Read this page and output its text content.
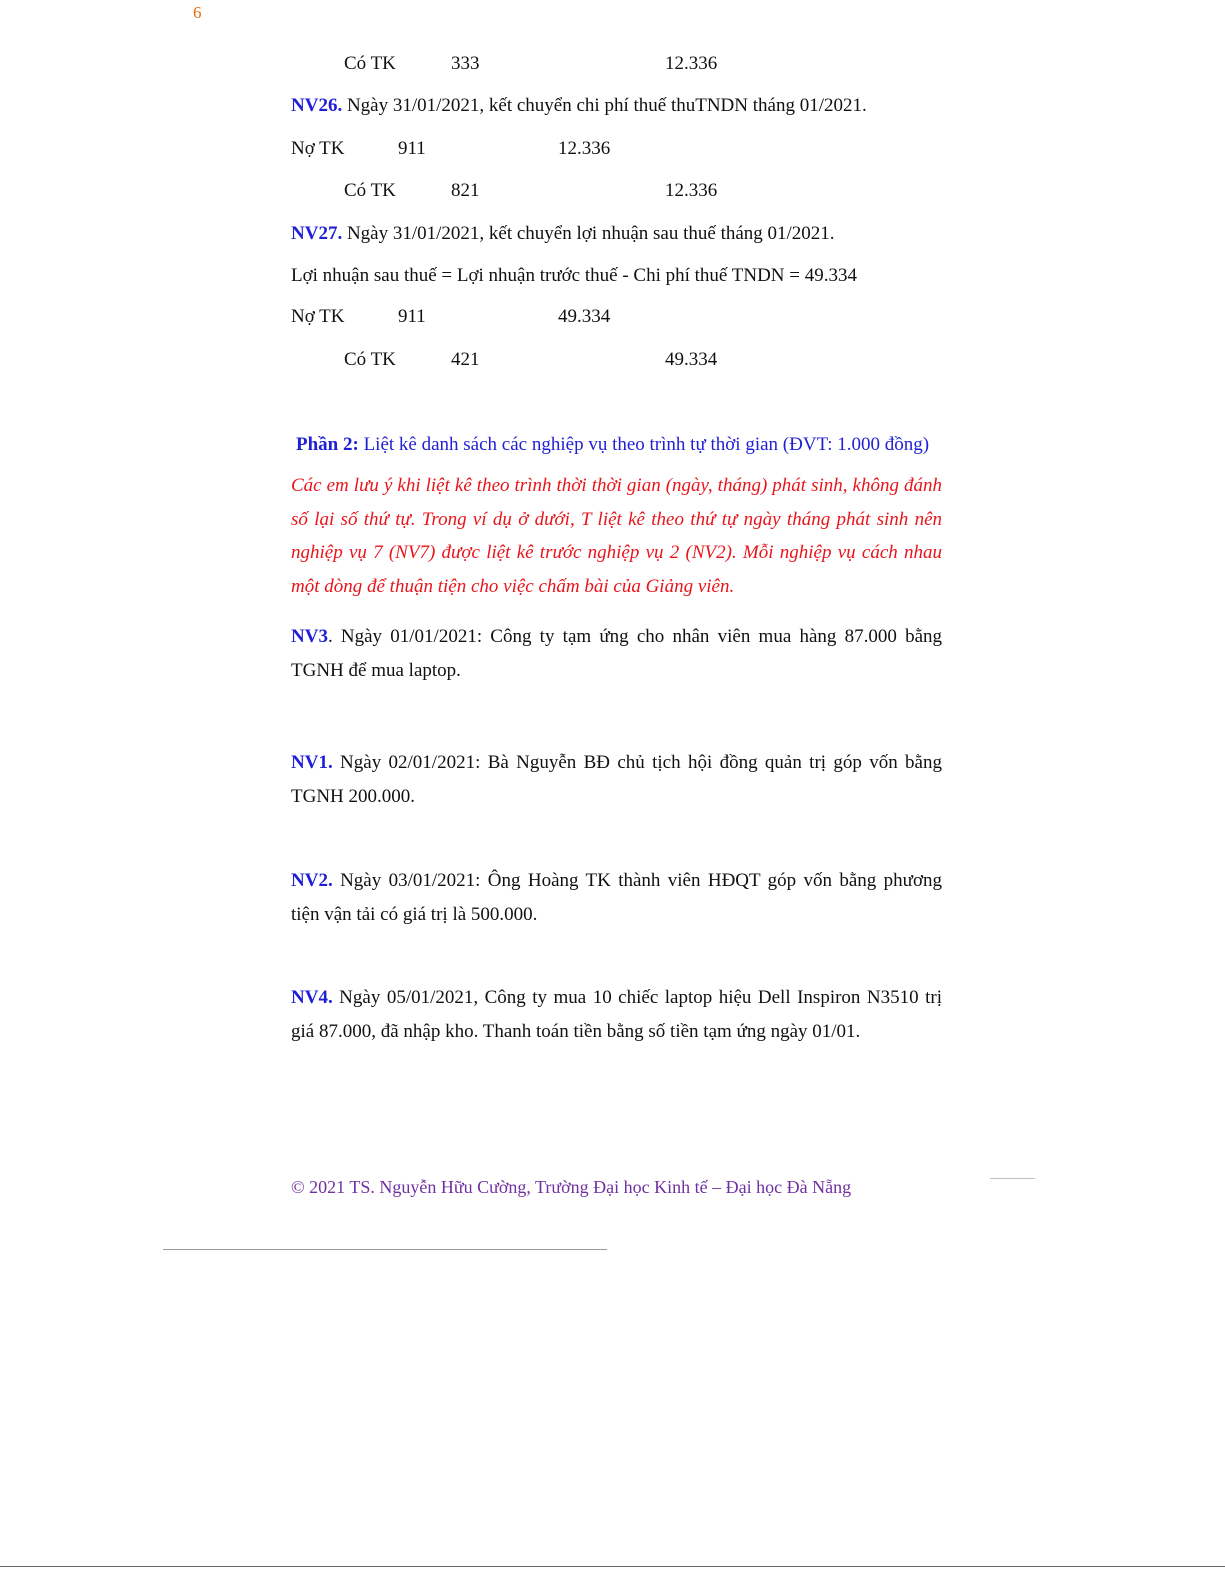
6
Có TK	333	12.336
NV26. Ngày 31/01/2021, kết chuyển chi phí thuế thuTNDN tháng 01/2021.
Nợ TK	911	12.336
Có TK	821	12.336
NV27. Ngày 31/01/2021, kết chuyển lợi nhuận sau thuế tháng 01/2021.
Lợi nhuận sau thuế = Lợi nhuận trước thuế - Chi phí thuế TNDN = 49.334
Nợ TK	911	49.334
Có TK	421	49.334
Phần 2: Liệt kê danh sách các nghiệp vụ theo trình tự thời gian (ĐVT: 1.000 đồng)
Các em lưu ý khi liệt kê theo trình thời thời gian (ngày, tháng) phát sinh, không đánh số lại số thứ tự. Trong ví dụ ở dưới, T liệt kê theo thứ tự ngày tháng phát sinh nên nghiệp vụ 7 (NV7) được liệt kê trước nghiệp vụ 2 (NV2). Mỗi nghiệp vụ cách nhau một dòng để thuận tiện cho việc chấm bài của Giảng viên.
NV3. Ngày 01/01/2021: Công ty tạm ứng cho nhân viên mua hàng 87.000 bằng TGNH để mua laptop.
NV1. Ngày 02/01/2021: Bà Nguyễn BĐ chủ tịch hội đồng quản trị góp vốn bằng TGNH 200.000.
NV2. Ngày 03/01/2021: Ông Hoàng TK thành viên HĐQT góp vốn bằng phương tiện vận tải có giá trị là 500.000.
NV4. Ngày 05/01/2021, Công ty mua 10 chiếc laptop hiệu Dell Inspiron N3510 trị giá 87.000, đã nhập kho. Thanh toán tiền bằng số tiền tạm ứng ngày 01/01.
© 2021 TS. Nguyễn Hữu Cường, Trường Đại học Kinh tế – Đại học Đà Nẵng
